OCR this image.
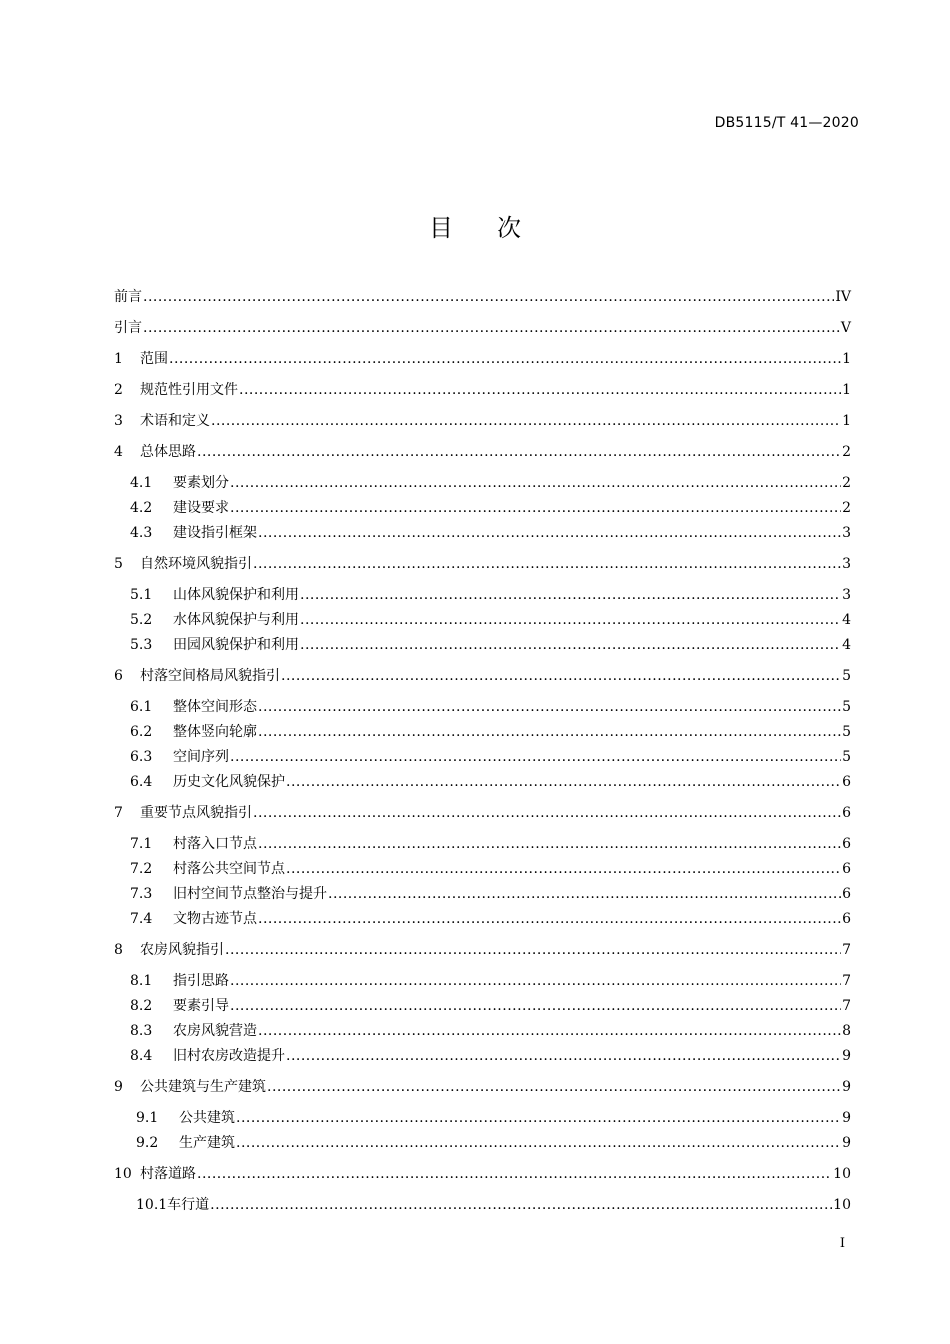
DB5115/T 41—2020
目 次
前言 .....	IV
引言 .....	V
1	范围 .....	1
2	规范性引用文件 .....	1
3	术语和定义 .....	1
4	总体思路 .....	2
4.1	要素划分 .....	2
4.2	建设要求 .....	2
4.3	建设指引框架 .....	3
5	自然环境风貌指引 .....	3
5.1	山体风貌保护和利用 .....	3
5.2	水体风貌保护与利用 .....	4
5.3	田园风貌保护和利用 .....	4
6	村落空间格局风貌指引 .....	5
6.1	整体空间形态 .....	5
6.2	整体竖向轮廓 .....	5
6.3	空间序列 .....	5
6.4	历史文化风貌保护 .....	6
7	重要节点风貌指引 .....	6
7.1	村落入口节点 .....	6
7.2	村落公共空间节点 .....	6
7.3	旧村空间节点整治与提升 .....	6
7.4	文物古迹节点 .....	6
8	农房风貌指引 .....	7
8.1	指引思路 .....	7
8.2	要素引导 .....	7
8.3	农房风貌营造 .....	8
8.4	旧村农房改造提升 .....	9
9	公共建筑与生产建筑 .....	9
9.1	公共建筑 .....	9
9.2	生产建筑 .....	9
10 村落道路 .....	10
10.1 车行道 .....	10
I
